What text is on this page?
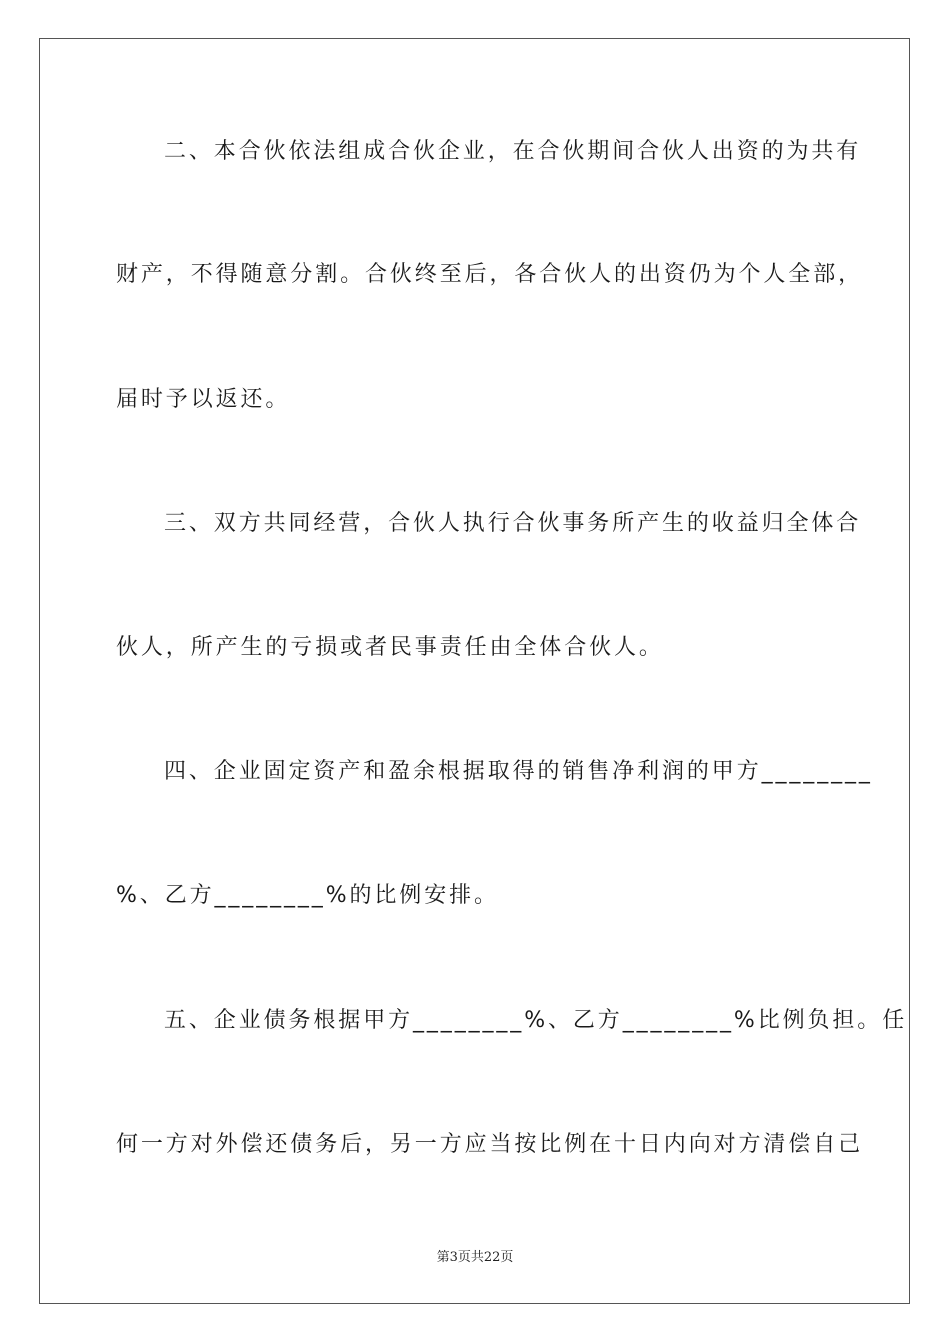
二、本合伙依法组成合伙企业，在合伙期间合伙人出资的为共有
财产，不得随意分割。合伙终至后，各合伙人的出资仍为个人全部，
届时予以返还。
三、双方共同经营，合伙人执行合伙事务所产生的收益归全体合
伙人，所产生的亏损或者民事责任由全体合伙人。
四、企业固定资产和盈余根据取得的销售净利润的甲方________
%、乙方________%的比例安排。
五、企业债务根据甲方________%、乙方________%比例负担。任
何一方对外偿还债务后，另一方应当按比例在十日内向对方清偿自己
第3页共22页
